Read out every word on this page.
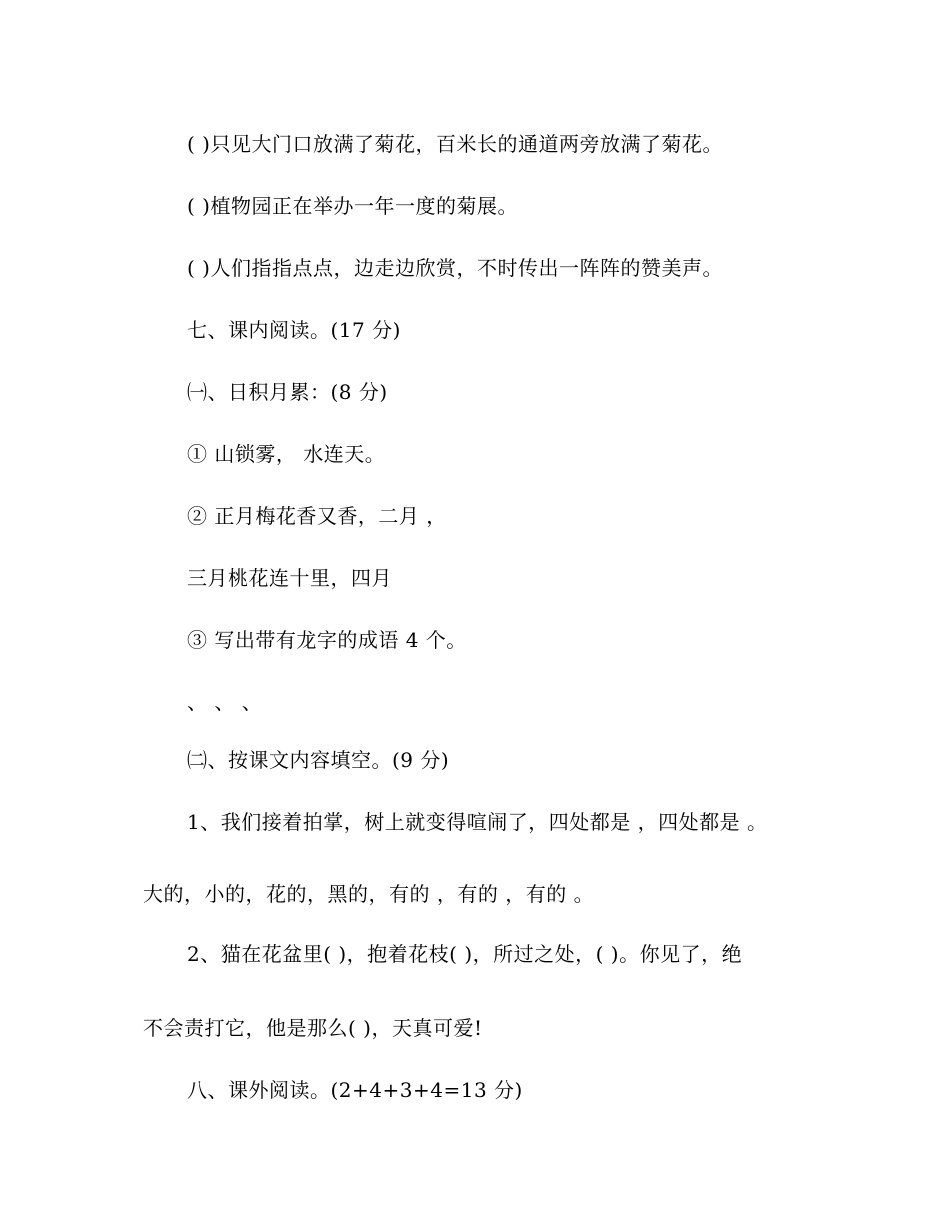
( )只见大门口放满了菊花，百米长的通道两旁放满了菊花。
( )植物园正在举办一年一度的菊展。
( )人们指指点点，边走边欣赏，不时传出一阵阵的赞美声。
七、课内阅读。(17 分)
㈠、日积月累：(8 分)
① 山锁雾， 水连天。
② 正月梅花香又香，二月 ，
三月桃花连十里，四月
③ 写出带有龙字的成语 4 个。
、 、 、
㈡、按课文内容填空。(9 分)
1、我们接着拍掌，树上就变得喧闹了，四处都是 ，四处都是 。
大的，小的，花的，黑的，有的 ，有的 ，有的 。
2、猫在花盆里( )，抱着花枝( )，所过之处，( )。你见了，绝
不会责打它，他是那么( )，天真可爱!
八、课外阅读。(2+4+3+4=13 分)
